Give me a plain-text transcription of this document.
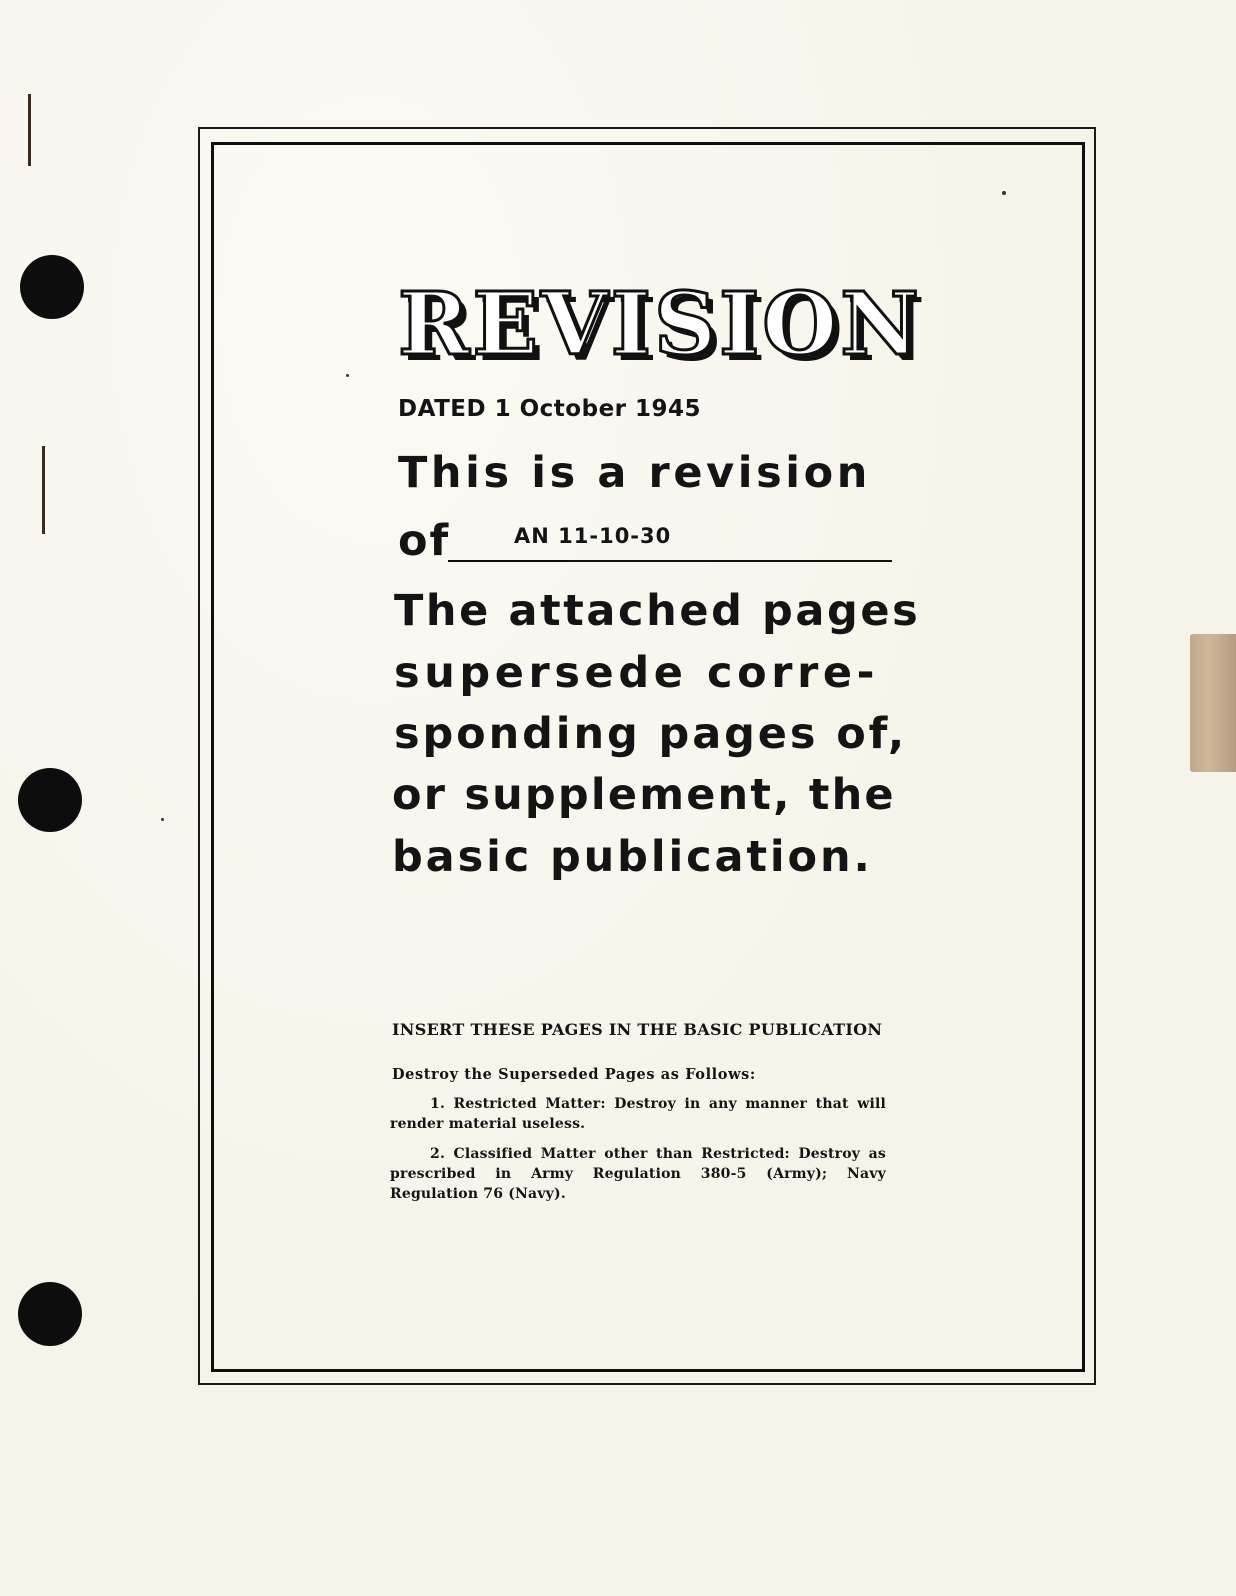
REVISION
DATED 1 October 1945
This is a revision
of	AN 11-10-30
The attached pages
supersede corre-
sponding pages of,
or supplement, the
basic publication.
INSERT THESE PAGES IN THE BASIC PUBLICATION
Destroy the Superseded Pages as Follows:
1. Restricted Matter: Destroy in any manner that will render material useless.
2. Classified Matter other than Restricted: Destroy as prescribed in Army Regulation 380-5 (Army); Navy Regulation 76 (Navy).
